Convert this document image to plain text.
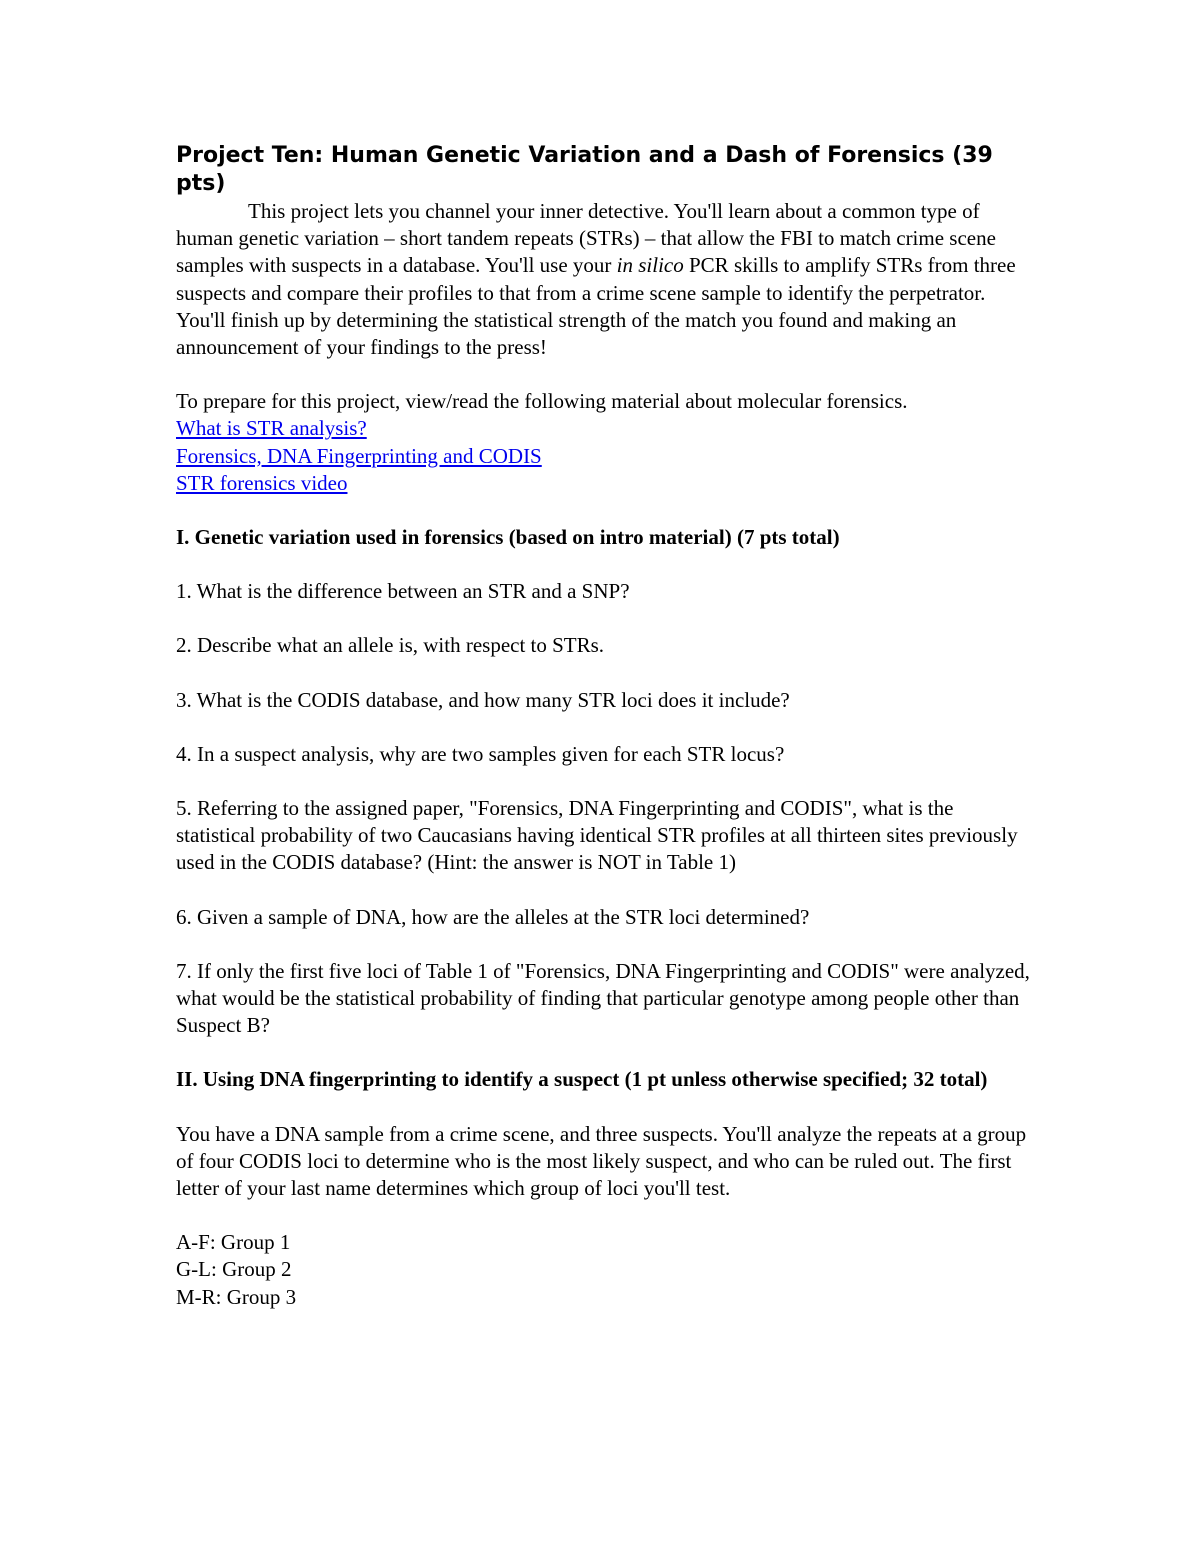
Project Ten: Human Genetic Variation and a Dash of Forensics (39 pts)

This project lets you channel your inner detective. You'll learn about a common type of human genetic variation – short tandem repeats (STRs) – that allow the FBI to match crime scene samples with suspects in a database. You'll use your in silico PCR skills to amplify STRs from three suspects and compare their profiles to that from a crime scene sample to identify the perpetrator. You'll finish up by determining the statistical strength of the match you found and making an announcement of your findings to the press!

To prepare for this project, view/read the following material about molecular forensics.

What is STR analysis?
Forensics, DNA Fingerprinting and CODIS
STR forensics video

I. Genetic variation used in forensics (based on intro material) (7 pts total)

1. What is the difference between an STR and a SNP?

2. Describe what an allele is, with respect to STRs.

3. What is the CODIS database, and how many STR loci does it include?

4. In a suspect analysis, why are two samples given for each STR locus?

5. Referring to the assigned paper, "Forensics, DNA Fingerprinting and CODIS", what is the statistical probability of two Caucasians having identical STR profiles at all thirteen sites previously used in the CODIS database? (Hint: the answer is NOT in Table 1)

6. Given a sample of DNA, how are the alleles at the STR loci determined?

7. If only the first five loci of Table 1 of "Forensics, DNA Fingerprinting and CODIS" were analyzed, what would be the statistical probability of finding that particular genotype among people other than Suspect B?

II. Using DNA fingerprinting to identify a suspect (1 pt unless otherwise specified; 32 total)

You have a DNA sample from a crime scene, and three suspects. You'll analyze the repeats at a group of four CODIS loci to determine who is the most likely suspect, and who can be ruled out. The first letter of your last name determines which group of loci you'll test.

A-F: Group 1
G-L: Group 2
M-R: Group 3
